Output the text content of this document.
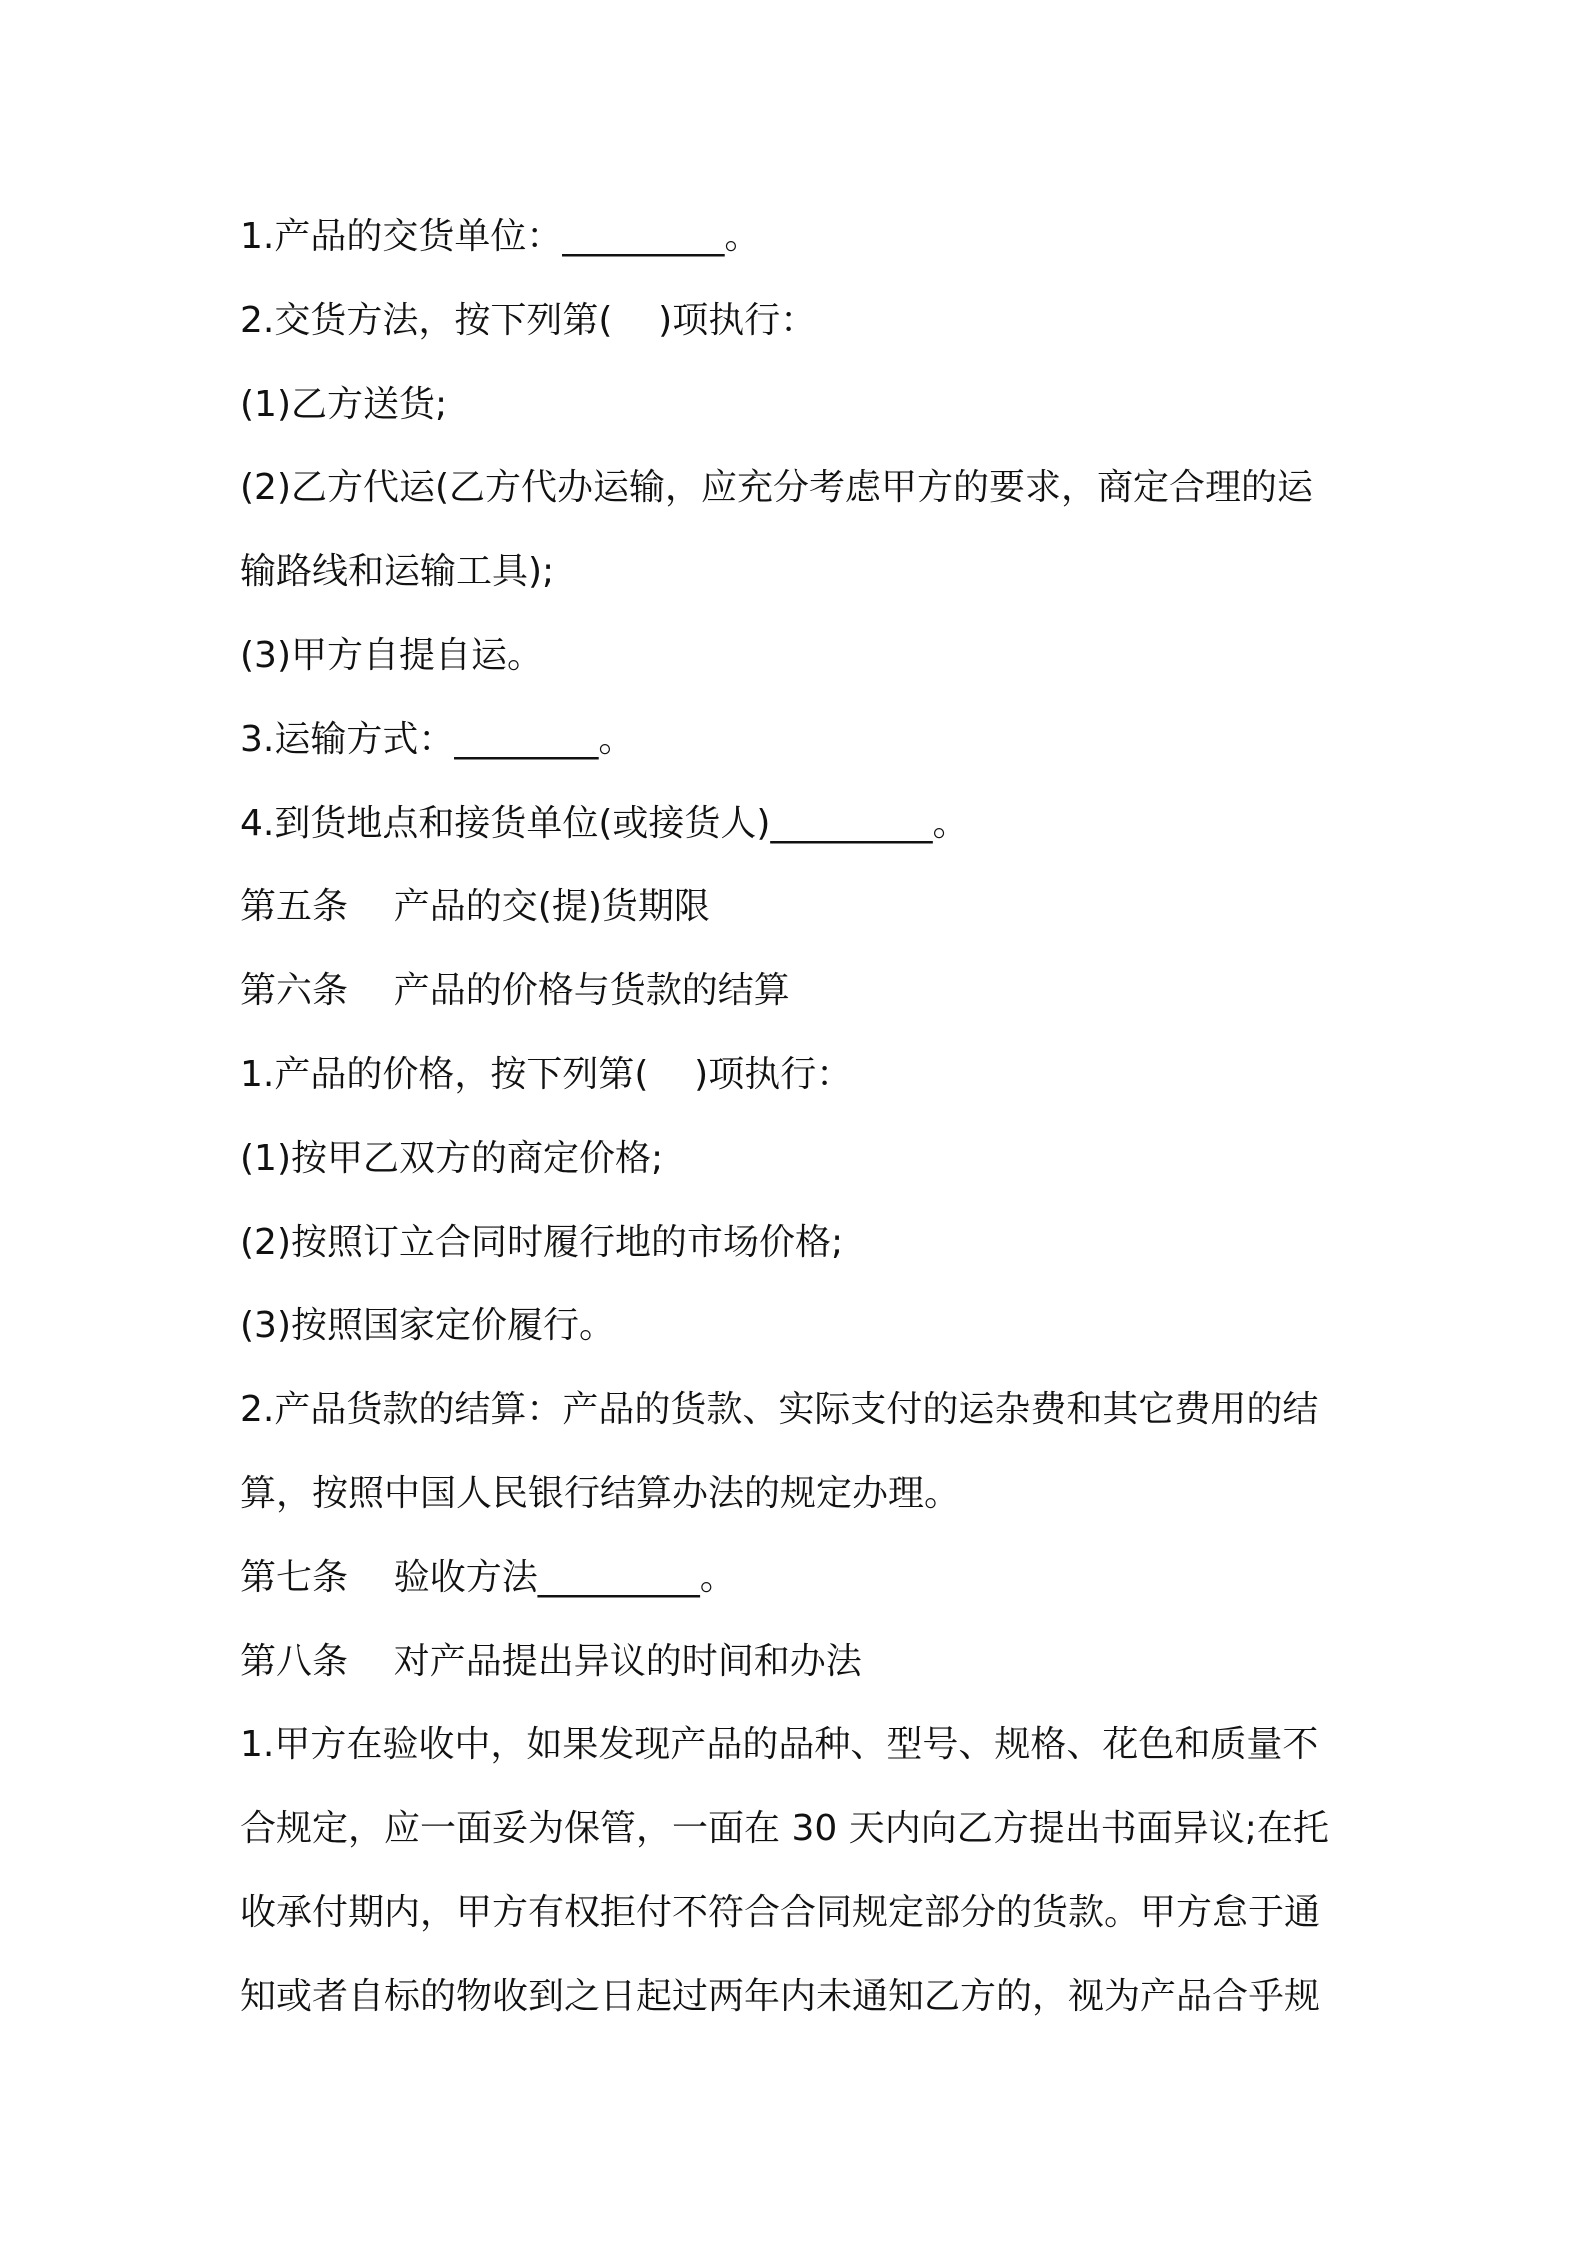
1.产品的交货单位：_________。
2.交货方法，按下列第(    )项执行：
(1)乙方送货;
(2)乙方代运(乙方代办运输，应充分考虑甲方的要求，商定合理的运
输路线和运输工具);
(3)甲方自提自运。
3.运输方式：________。
4.到货地点和接货单位(或接货人)_________。
第五条    产品的交(提)货期限
第六条    产品的价格与货款的结算
1.产品的价格，按下列第(    )项执行：
(1)按甲乙双方的商定价格;
(2)按照订立合同时履行地的市场价格;
(3)按照国家定价履行。
2.产品货款的结算：产品的货款、实际支付的运杂费和其它费用的结
算，按照中国人民银行结算办法的规定办理。
第七条    验收方法_________。
第八条    对产品提出异议的时间和办法
1.甲方在验收中，如果发现产品的品种、型号、规格、花色和质量不
合规定，应一面妥为保管，一面在 30 天内向乙方提出书面异议;在托
收承付期内，甲方有权拒付不符合合同规定部分的货款。甲方怠于通
知或者自标的物收到之日起过两年内未通知乙方的，视为产品合乎规
